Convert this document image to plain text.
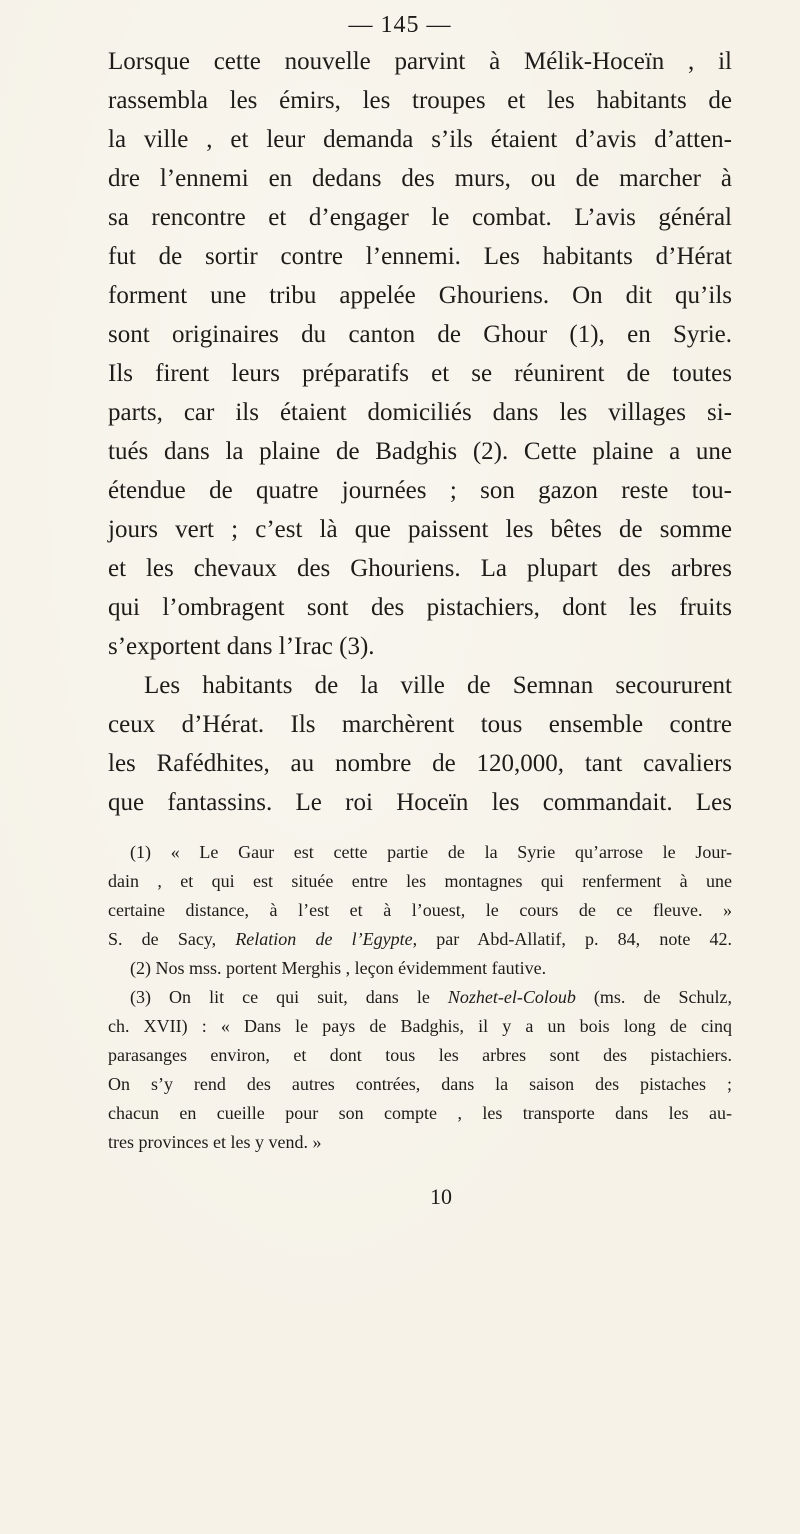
— 145 —
Lorsque cette nouvelle parvint à Mélik-Hoceïn , il
rassembla les émirs, les troupes et les habitants de
la ville , et leur demanda s’ils étaient d’avis d’atten-
dre l’ennemi en dedans des murs, ou de marcher à
sa rencontre et d’engager le combat. L’avis général
fut de sortir contre l’ennemi. Les habitants d’Hérat
forment une tribu appelée Ghouriens. On dit qu’ils
sont originaires du canton de Ghour (1), en Syrie.
Ils firent leurs préparatifs et se réunirent de toutes
parts, car ils étaient domiciliés dans les villages si-
tués dans la plaine de Badghis (2). Cette plaine a une
étendue de quatre journées ; son gazon reste tou-
jours vert ; c’est là que paissent les bêtes de somme
et les chevaux des Ghouriens. La plupart des arbres
qui l’ombragent sont des pistachiers, dont les fruits
s’exportent dans l’Irac (3).
Les habitants de la ville de Semnan secoururent
ceux d’Hérat. Ils marchèrent tous ensemble contre
les Rafédhites, au nombre de 120,000, tant cavaliers
que fantassins. Le roi Hoceïn les commandait. Les
(1) « Le Gaur est cette partie de la Syrie qu’arrose le Jour-
dain , et qui est située entre les montagnes qui renferment à une
certaine distance, à l’est et à l’ouest, le cours de ce fleuve. »
S. de Sacy, Relation de l’Egypte, par Abd-Allatif, p. 84, note 42.
(2) Nos mss. portent Merghis , leçon évidemment fautive.
(3) On lit ce qui suit, dans le Nozhet-el-Coloub (ms. de Schulz,
ch. XVII) : « Dans le pays de Badghis, il y a un bois long de cinq
parasanges environ, et dont tous les arbres sont des pistachiers.
On s’y rend des autres contrées, dans la saison des pistaches ;
chacun en cueille pour son compte , les transporte dans les au-
tres provinces et les y vend. »
10
